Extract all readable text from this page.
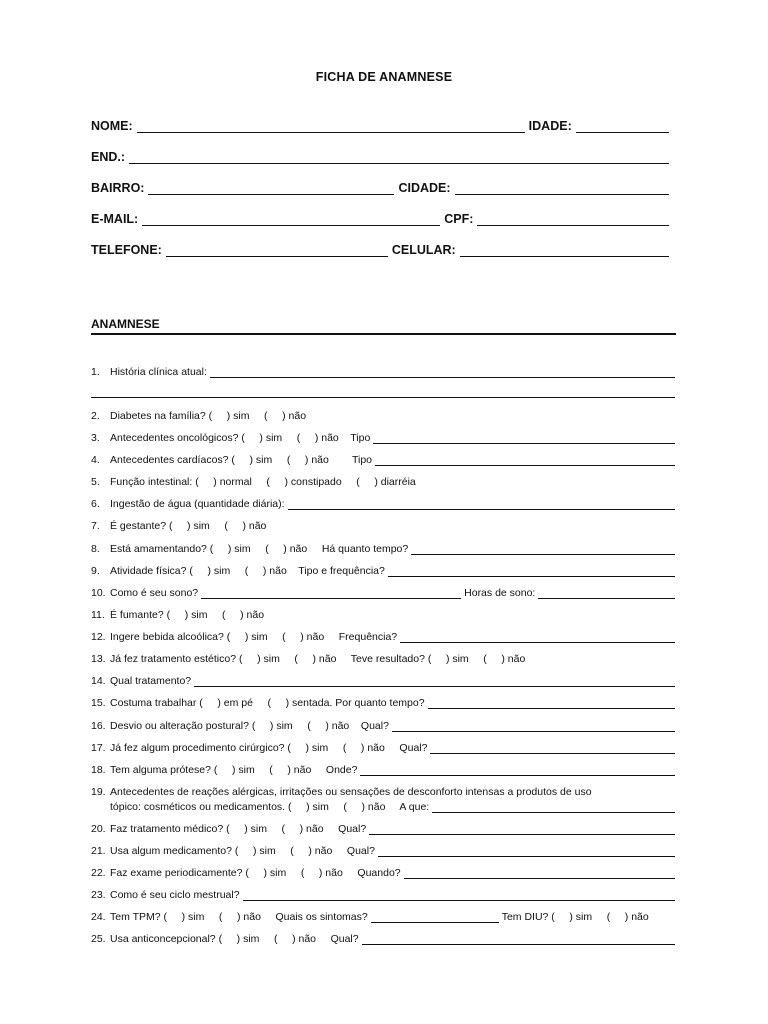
FICHA DE ANAMNESE
NOME:	IDADE:
END.:
BAIRRO:	CIDADE:
E-MAIL:	CPF:
TELEFONE:	CELULAR:
ANAMNESE
1. História clínica atual:
2. Diabetes na família? (     ) sim     (     ) não
3. Antecedentes oncológicos? (     ) sim     (     ) não    Tipo
4. Antecedentes cardíacos? (     ) sim     (     ) não        Tipo
5. Função intestinal: (     ) normal     (     ) constipado     (     ) diarréia
6. Ingestão de água (quantidade diária):
7. É gestante? (     ) sim     (     ) não
8. Está amamentando? (     ) sim     (     ) não     Há quanto tempo?
9. Atividade física? (     ) sim     (     ) não    Tipo e frequência?
10. Como é seu sono?	Horas de sono:
11. É fumante? (     ) sim     (     ) não
12. Ingere bebida alcoólica? (     ) sim     (     ) não     Frequência?
13. Já fez tratamento estético? (     ) sim     (     ) não     Teve resultado? (     ) sim     (     ) não
14. Qual tratamento?
15. Costuma trabalhar (     ) em pé     (     ) sentada. Por quanto tempo?
16. Desvio ou alteração postural? (     ) sim     (     ) não    Qual?
17. Já fez algum procedimento cirúrgico? (     ) sim     (     ) não     Qual?
18. Tem alguma prótese? (     ) sim     (     ) não     Onde?
19. Antecedentes de reações alérgicas, irritações ou sensações de desconforto intensas a produtos de uso
tópico: cosméticos ou medicamentos. (     ) sim     (     ) não     A que:
20. Faz tratamento médico? (     ) sim     (     ) não     Qual?
21. Usa algum medicamento? (     ) sim     (     ) não     Qual?
22. Faz exame periodicamente? (     ) sim     (     ) não     Quando?
23. Como é seu ciclo mestrual?
24. Tem TPM? (     ) sim     (     ) não     Quais os sintomas?	Tem DIU? (     ) sim     (     ) não
25. Usa anticoncepcional? (     ) sim     (     ) não     Qual?
